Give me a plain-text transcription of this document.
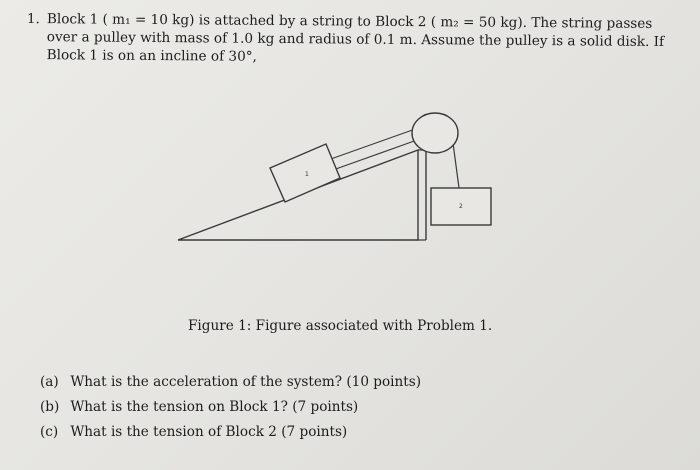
1. Block 1 ( m₁ = 10 kg) is attached by a string to Block 2 ( m₂ = 50 kg). The string passes over a pulley with mass of 1.0 kg and radius of 0.1 m. Assume the pulley is a solid disk. If Block 1 is on an incline of 30°,
1
2
Figure 1: Figure associated with Problem 1.
(a) What is the acceleration of the system? (10 points)
(b) What is the tension on Block 1? (7 points)
(c) What is the tension of Block 2 (7 points)
